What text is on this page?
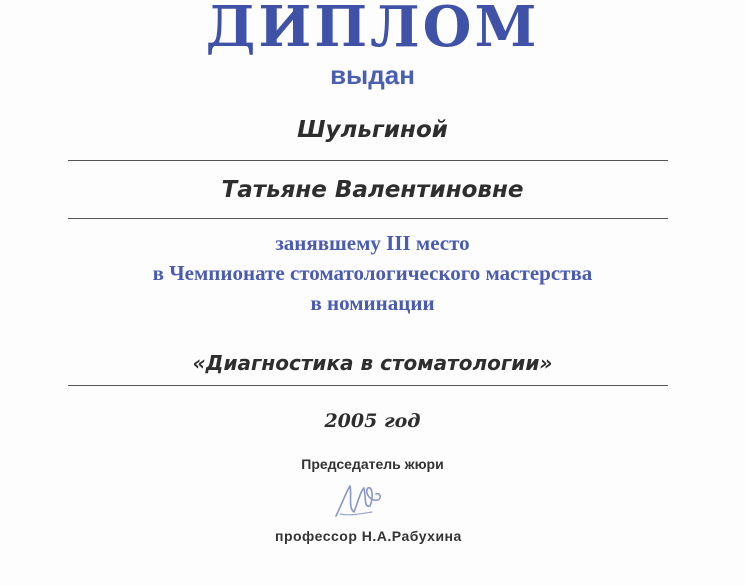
ДИПЛОМ
выдан
Шульгиной
Татьяне Валентиновне
занявшему III место
в Чемпионате стоматологического мастерства
в номинации
«Диагностика в стоматологии»
2005 год
Председатель жюри
профессор Н.А.Рабухина
